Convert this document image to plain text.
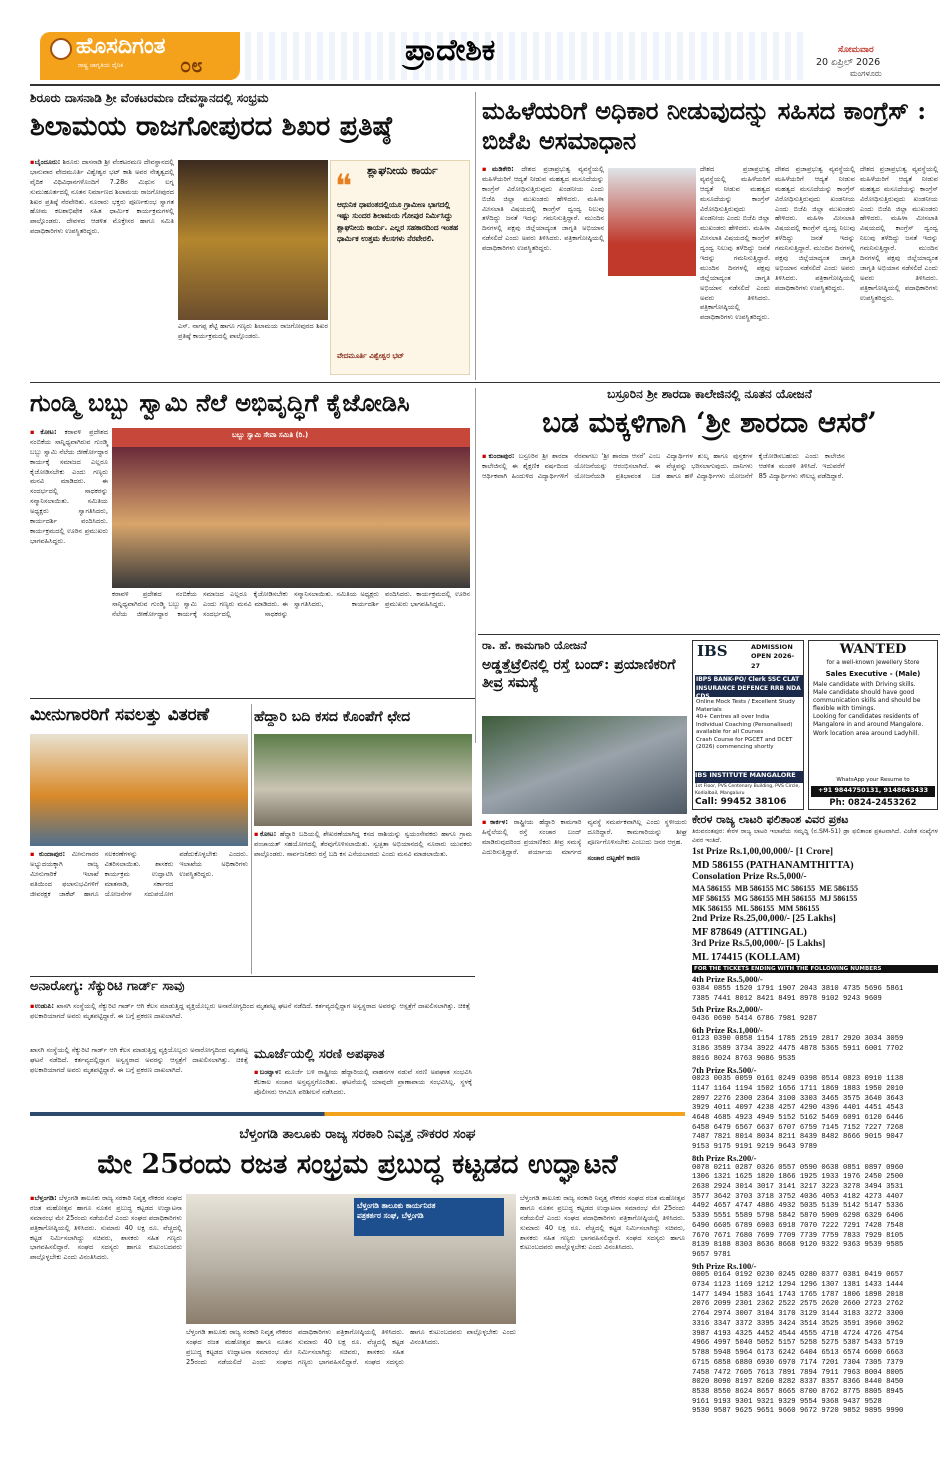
ಹೊಸದಿಗಂತ
ರಾಷ್ಟ್ರ ಜಾಗೃತಿಯ ದೈನಿಕ	೦೮	ಪ್ರಾದೇಶಿಕ	ಸೋಮವಾರ
20 ಏಪ್ರಿಲ್ 2026
ಮಂಗಳೂರು
ಶಿರೂರು ದಾಸನಾಡಿ ಶ್ರೀ ವೆಂಕಟರಮಣ ದೇವಸ್ಥಾನದಲ್ಲಿ ಸಂಭ್ರಮ
ಶಿಲಾಮಯ ರಾಜಗೋಪುರದ ಶಿಖರ ಪ್ರತಿಷ್ಠೆ
▪ಬೈಂದೂರು: ಶಿರೂರು ದಾಸನಾಡಿ ಶ್ರೀ ವೆಂಕಟರಮಣ ದೇವಸ್ಥಾನದಲ್ಲಿ ಭಾನುವಾರ ವೇದಮೂರ್ತಿ ವಿಶ್ವೇಶ್ವರ ಭಟ್ ಕಾಶಿ ಅವರ ನೇತೃತ್ವದಲ್ಲಿ ವೈದಿಕ ವಿಧಿವಿಧಾನಗಳೊಂದಿಗೆ 7.28ರ ಮಿಥುನ ಲಗ್ನ ಸುಮುಹೂರ್ತದಲ್ಲಿ ನೂತನ ನಿರ್ಮಾಣದ ಶಿಲಾಮಯ ರಾಜಗೋಪುರದ ಶಿಖರ ಪ್ರತಿಷ್ಠೆ ನೆರವೇರಿತು. ನೂರಾರು ಭಕ್ತರು ಪೂರ್ಣಕುಂಭ ಸ್ವಾಗತ ಹೋಮ ಕಲಶಾಭಿಷೇಕ ಸಹಿತ ಧಾರ್ಮಿಕ ಕಾರ್ಯಕ್ರಮಗಳಲ್ಲಿ ಪಾಲ್ಗೊಂಡರು. ದೇವಳದ ಆಡಳಿತ ಮೊಕ್ತೇಸರ ಹಾಗೂ ಸಮಿತಿ ಪದಾಧಿಕಾರಿಗಳು ಉಪಸ್ಥಿತರಿದ್ದರು.
ಎಸ್. ನಾಗಪ್ಪ ಶೆಟ್ಟಿ ಹಾಗೂ ಗಣ್ಯರು ಶಿಲಾಮಯ ರಾಜಗೋಪುರದ ಶಿಖರ ಪ್ರತಿಷ್ಠೆ ಕಾರ್ಯಕ್ರಮದಲ್ಲಿ ಪಾಲ್ಗೊಂಡರು.
❝	ಶ್ಲಾಘನೀಯ ಕಾರ್ಯ
ಆಧುನಿಕ ಧಾವಂತದಲ್ಲಿಯೂ ಗ್ರಾಮೀಣ ಭಾಗದಲ್ಲಿ ಇಷ್ಟು ಸುಂದರ ಶಿಲಾಮಯ ಗೋಪುರ ನಿರ್ಮಿಸಿದ್ದು ಶ್ಲಾಘನೀಯ ಕಾರ್ಯ. ಎಲ್ಲರ ಸಹಕಾರದಿಂದ ಇಂತಹ ಧಾರ್ಮಿಕ ಉತ್ತಮ ಕೆಲಸಗಳು ನೆರವೇರಲಿ.
ವೇದಮೂರ್ತಿ ವಿಶ್ವೇಶ್ವರ ಭಟ್
ಮಹಿಳೆಯರಿಗೆ ಅಧಿಕಾರ ನೀಡುವುದನ್ನು ಸಹಿಸದ ಕಾಂಗ್ರೆಸ್ : ಬಿಜೆಪಿ ಅಸಮಾಧಾನ
▪ಮಡಿಕೇರಿ: ದೇಶದ ಪ್ರಜಾಪ್ರಭುತ್ವ ವ್ಯವಸ್ಥೆಯಲ್ಲಿ ಮಹಿಳೆಯರಿಗೆ ಆದ್ಯತೆ ನೀಡುವ ಮಹತ್ವದ ಮಸೂದೆಯನ್ನು ಕಾಂಗ್ರೆಸ್ ವಿರೋಧಿಸುತ್ತಿರುವುದು ಖಂಡನೀಯ ಎಂದು ಬಿಜೆಪಿ ಜಿಲ್ಲಾ ಮುಖಂಡರು ಹೇಳಿದರು. ಮಹಿಳಾ ಮೀಸಲಾತಿ ವಿಷಯದಲ್ಲಿ ಕಾಂಗ್ರೆಸ್ ದ್ವಂದ್ವ ನಿಲುವು ತಳೆದಿದ್ದು ಜನತೆ ಇದನ್ನು ಗಮನಿಸುತ್ತಿದ್ದಾರೆ. ಮುಂದಿನ ದಿನಗಳಲ್ಲಿ ಪಕ್ಷವು ಜಿಲ್ಲೆಯಾದ್ಯಂತ ಜಾಗೃತಿ ಅಭಿಯಾನ ನಡೆಸಲಿದೆ ಎಂದು ಅವರು ತಿಳಿಸಿದರು. ಪತ್ರಿಕಾಗೋಷ್ಠಿಯಲ್ಲಿ ಪದಾಧಿಕಾರಿಗಳು ಉಪಸ್ಥಿತರಿದ್ದರು.
ದೇಶದ ಪ್ರಜಾಪ್ರಭುತ್ವ ವ್ಯವಸ್ಥೆಯಲ್ಲಿ ಮಹಿಳೆಯರಿಗೆ ಆದ್ಯತೆ ನೀಡುವ ಮಹತ್ವದ ಮಸೂದೆಯನ್ನು ಕಾಂಗ್ರೆಸ್ ವಿರೋಧಿಸುತ್ತಿರುವುದು ಖಂಡನೀಯ ಎಂದು ಬಿಜೆಪಿ ಜಿಲ್ಲಾ ಮುಖಂಡರು ಹೇಳಿದರು. ಮಹಿಳಾ ಮೀಸಲಾತಿ ವಿಷಯದಲ್ಲಿ ಕಾಂಗ್ರೆಸ್ ದ್ವಂದ್ವ ನಿಲುವು ತಳೆದಿದ್ದು ಜನತೆ ಇದನ್ನು ಗಮನಿಸುತ್ತಿದ್ದಾರೆ. ಮುಂದಿನ ದಿನಗಳಲ್ಲಿ ಪಕ್ಷವು ಜಿಲ್ಲೆಯಾದ್ಯಂತ ಜಾಗೃತಿ ಅಭಿಯಾನ ನಡೆಸಲಿದೆ ಎಂದು ಅವರು ತಿಳಿಸಿದರು. ಪತ್ರಿಕಾಗೋಷ್ಠಿಯಲ್ಲಿ ಪದಾಧಿಕಾರಿಗಳು ಉಪಸ್ಥಿತರಿದ್ದರು.
ದೇಶದ ಪ್ರಜಾಪ್ರಭುತ್ವ ವ್ಯವಸ್ಥೆಯಲ್ಲಿ ಮಹಿಳೆಯರಿಗೆ ಆದ್ಯತೆ ನೀಡುವ ಮಹತ್ವದ ಮಸೂದೆಯನ್ನು ಕಾಂಗ್ರೆಸ್ ವಿರೋಧಿಸುತ್ತಿರುವುದು ಖಂಡನೀಯ ಎಂದು ಬಿಜೆಪಿ ಜಿಲ್ಲಾ ಮುಖಂಡರು ಹೇಳಿದರು. ಮಹಿಳಾ ಮೀಸಲಾತಿ ವಿಷಯದಲ್ಲಿ ಕಾಂಗ್ರೆಸ್ ದ್ವಂದ್ವ ನಿಲುವು ತಳೆದಿದ್ದು ಜನತೆ ಇದನ್ನು ಗಮನಿಸುತ್ತಿದ್ದಾರೆ. ಮುಂದಿನ ದಿನಗಳಲ್ಲಿ ಪಕ್ಷವು ಜಿಲ್ಲೆಯಾದ್ಯಂತ ಜಾಗೃತಿ ಅಭಿಯಾನ ನಡೆಸಲಿದೆ ಎಂದು ಅವರು ತಿಳಿಸಿದರು. ಪತ್ರಿಕಾಗೋಷ್ಠಿಯಲ್ಲಿ ಪದಾಧಿಕಾರಿಗಳು ಉಪಸ್ಥಿತರಿದ್ದರು.
ದೇಶದ ಪ್ರಜಾಪ್ರಭುತ್ವ ವ್ಯವಸ್ಥೆಯಲ್ಲಿ ಮಹಿಳೆಯರಿಗೆ ಆದ್ಯತೆ ನೀಡುವ ಮಹತ್ವದ ಮಸೂದೆಯನ್ನು ಕಾಂಗ್ರೆಸ್ ವಿರೋಧಿಸುತ್ತಿರುವುದು ಖಂಡನೀಯ ಎಂದು ಬಿಜೆಪಿ ಜಿಲ್ಲಾ ಮುಖಂಡರು ಹೇಳಿದರು. ಮಹಿಳಾ ಮೀಸಲಾತಿ ವಿಷಯದಲ್ಲಿ ಕಾಂಗ್ರೆಸ್ ದ್ವಂದ್ವ ನಿಲುವು ತಳೆದಿದ್ದು ಜನತೆ ಇದನ್ನು ಗಮನಿಸುತ್ತಿದ್ದಾರೆ. ಮುಂದಿನ ದಿನಗಳಲ್ಲಿ ಪಕ್ಷವು ಜಿಲ್ಲೆಯಾದ್ಯಂತ ಜಾಗೃತಿ ಅಭಿಯಾನ ನಡೆಸಲಿದೆ ಎಂದು ಅವರು ತಿಳಿಸಿದರು. ಪತ್ರಿಕಾಗೋಷ್ಠಿಯಲ್ಲಿ ಪದಾಧಿಕಾರಿಗಳು ಉಪಸ್ಥಿತರಿದ್ದರು.
ಗುಂಡ್ಮಿ ಬಬ್ಬು ಸ್ವಾಮಿ ನೆಲೆ ಅಭಿವೃದ್ಧಿಗೆ ಕೈಜೋಡಿಸಿ
▪ಕೋಟ: ಕರಾವಳಿ ಪ್ರದೇಶದ ನಂಬಿಕೆಯ ಸಾನ್ನಿಧ್ಯವಾಗಿರುವ ಗುಂಡ್ಮಿ ಬಬ್ಬು ಸ್ವಾಮಿ ನೆಲೆಯ ಜೀರ್ಣೋದ್ಧಾರ ಕಾರ್ಯಕ್ಕೆ ಸಮಾಜದ ಎಲ್ಲರೂ ಕೈಜೋಡಿಸಬೇಕು ಎಂದು ಗಣ್ಯರು ಮನವಿ ಮಾಡಿದರು. ಈ ಸಂದರ್ಭದಲ್ಲಿ ಸಾಧಕರನ್ನು ಸನ್ಮಾನಿಸಲಾಯಿತು. ಸಮಿತಿಯ ಅಧ್ಯಕ್ಷರು ಸ್ವಾಗತಿಸಿದರು, ಕಾರ್ಯದರ್ಶಿ ವಂದಿಸಿದರು. ಕಾರ್ಯಕ್ರಮದಲ್ಲಿ ಊರಿನ ಪ್ರಮುಖರು ಭಾಗವಹಿಸಿದ್ದರು.
ಬಬ್ಬು ಸ್ವಾಮಿ ಸೇವಾ ಸಮಿತಿ (ರಿ.)
ಕರಾವಳಿ ಪ್ರದೇಶದ ನಂಬಿಕೆಯ ಸಾನ್ನಿಧ್ಯವಾಗಿರುವ ಗುಂಡ್ಮಿ ಬಬ್ಬು ಸ್ವಾಮಿ ನೆಲೆಯ ಜೀರ್ಣೋದ್ಧಾರ ಕಾರ್ಯಕ್ಕೆ ಸಮಾಜದ ಎಲ್ಲರೂ ಕೈಜೋಡಿಸಬೇಕು ಎಂದು ಗಣ್ಯರು ಮನವಿ ಮಾಡಿದರು. ಈ ಸಂದರ್ಭದಲ್ಲಿ ಸಾಧಕರನ್ನು ಸನ್ಮಾನಿಸಲಾಯಿತು. ಸಮಿತಿಯ ಅಧ್ಯಕ್ಷರು ಸ್ವಾಗತಿಸಿದರು, ಕಾರ್ಯದರ್ಶಿ ವಂದಿಸಿದರು. ಕಾರ್ಯಕ್ರಮದಲ್ಲಿ ಊರಿನ ಪ್ರಮುಖರು ಭಾಗವಹಿಸಿದ್ದರು.
ಬಸ್ರೂರಿನ ಶ್ರೀ ಶಾರದಾ ಕಾಲೇಜಿನಲ್ಲಿ ನೂತನ ಯೋಜನೆ
ಬಡ ಮಕ್ಕಳಿಗಾಗಿ ‘ಶ್ರೀ ಶಾರದಾ ಆಸರೆ’
▪ಕುಂದಾಪುರ: ಬಸ್ರೂರಿನ ಶ್ರೀ ಶಾರದಾ ಕಾಲೇಜಿನಲ್ಲಿ ಈ ಶೈಕ್ಷಣಿಕ ವರ್ಷದಿಂದ ಆರ್ಥಿಕವಾಗಿ ಹಿಂದುಳಿದ ವಿದ್ಯಾರ್ಥಿಗಳಿಗೆ ನೆರವಾಗಲು ‘ಶ್ರೀ ಶಾರದಾ ಆಸರೆ’ ಎಂಬ ಯೋಜನೆಯನ್ನು ಆರಂಭಿಸಲಾಗಿದೆ. ಈ ಯೋಜನೆಯಡಿ ಪ್ರತಿಭಾವಂತ ಬಡ ವಿದ್ಯಾರ್ಥಿಗಳ ಶುಲ್ಕ ಹಾಗೂ ಪುಸ್ತಕಗಳ ವೆಚ್ಚವನ್ನು ಭರಿಸಲಾಗುವುದು. ದಾನಿಗಳು ಹಾಗೂ ಹಳೆ ವಿದ್ಯಾರ್ಥಿಗಳು ಯೋಜನೆಗೆ ಕೈಜೋಡಿಸಬಹುದು ಎಂದು ಕಾಲೇಜಿನ ಆಡಳಿತ ಮಂಡಳಿ ತಿಳಿಸಿದೆ. ಇದುವರೆಗೆ 85 ವಿದ್ಯಾರ್ಥಿಗಳು ಸೌಲಭ್ಯ ಪಡೆದಿದ್ದಾರೆ.
ರಾ. ಹೆ. ಕಾಮಗಾರಿ ಯೋಜನೆ
ಅಡ್ಡತ್ತೆಟ್ರೆಲಿನಲ್ಲಿ ರಸ್ತೆ ಬಂದ್: ಪ್ರಯಾಣಿಕರಿಗೆ ತೀವ್ರ ಸಮಸ್ಯೆ
▪ಕಾರ್ಕಳ: ರಾಷ್ಟ್ರೀಯ ಹೆದ್ದಾರಿ ಕಾಮಗಾರಿ ಹಿನ್ನೆಲೆಯಲ್ಲಿ ರಸ್ತೆ ಸಂಚಾರ ಬಂದ್ ಮಾಡಿರುವುದರಿಂದ ಪ್ರಯಾಣಿಕರು ತೀವ್ರ ಸಮಸ್ಯೆ ಎದುರಿಸುತ್ತಿದ್ದಾರೆ. ಪರ್ಯಾಯ ಮಾರ್ಗದ ವ್ಯವಸ್ಥೆ ಸಮರ್ಪಕವಾಗಿಲ್ಲ ಎಂದು ಸ್ಥಳೀಯರು ದೂರಿದ್ದಾರೆ. ಕಾಮಗಾರಿಯನ್ನು ಶೀಘ್ರ ಪೂರ್ಣಗೊಳಿಸಬೇಕು ಎಂಬುದು ಜನರ ಆಗ್ರಹ.
ಸಂಚಾರ ದಟ್ಟಣೆಗೆ ಕಾರಣ
IBS	ADMISSION OPEN 2026-27
IBPS BANK-PO/ Clerk SSC CLAT INSURANCE DEFENCE RRB NDA CDS
Online Mock Tests / Excellent Study Materials
40+ Centres all over India
Individual Coaching (Personalised) available for all Courses
Crash Course for PGCET and DCET (2026) commencing shortly
IBS INSTITUTE MANGALORE
1st Floor, PVS Centenary Building, PVS Circle, Kodialbail, Mangaluru
Call: 99452 38106
WANTED
for a well-known Jewellery Store
Sales Executive - (Male)
Male candidate with Driving skills.
Male candidate should have good communication skills and should be flexible with timings.
Looking for candidates residents of Mangalore in and around Mangalore.
Work location area around Ladyhill.
WhatsApp your Resume to
+91 9844750131, 9148643433
Ph: 0824-2453262
ಕೇರಳ ರಾಜ್ಯ ಲಾಟರಿ ಫಲಿತಾಂಶ ವಿವರ ಪ್ರಕಟ
ತಿರುವನಂತಪುರ: ಕೇರಳ ರಾಜ್ಯ ಲಾಟರಿ ಇಲಾಖೆಯ ಸಮೃದ್ಧಿ (ನ.SM-51) ಡ್ರಾ ಫಲಿತಾಂಶ ಪ್ರಕಟವಾಗಿದೆ. ವಿಜೇತ ಸಂಖ್ಯೆಗಳ ವಿವರ ಇಂತಿದೆ.
1st Prize Rs.1,00,00,000/- [1 Crore]
MD 586155 (PATHANAMTHITTA)
Consolation Prize Rs.5,000/-
MA 586155  MB 586155 MC 586155  ME 586155
MF 586155  MG 586155 MH 586155  MJ 586155
MK 586155  ML 586155  MM 586155
2nd Prize Rs.25,00,000/- [25 Lakhs]
MF 878649 (ATTINGAL)
3rd Prize Rs.5,00,000/- [5 Lakhs]
ML 174415 (KOLLAM)
FOR THE TICKETS ENDING WITH THE FOLLOWING NUMBERS
4th Prize Rs.5,000/-
0384 0855 1520 1791 1907 2043 3810 4735 5696 5861
7385 7441 8012 8421 8491 8978 9102 9243 9609
5th Prize Rs.2,000/-
0436 0690 5414 6786 7981 9287
6th Prize Rs.1,000/-
0123 0390 0858 1154 1785 2519 2817 2920 3034 3059
3186 3589 3734 3922 4475 4878 5365 5911 6001 7702
8016 8024 8763 9086 9535
7th Prize Rs.500/-
0023 0035 0059 0161 0249 0398 0514 0823 0910 1138
1147 1164 1194 1502 1656 1711 1869 1883 1950 2010
2097 2276 2300 2364 3100 3303 3465 3575 3640 3643
3929 4011 4097 4238 4257 4290 4396 4401 4451 4543
4648 4685 4923 4949 5152 5162 5469 6091 6120 6446
6458 6479 6567 6637 6707 6759 7145 7152 7227 7268
7487 7821 8014 8034 8211 8439 8482 8666 9015 9047
9153 9175 9191 9219 9643 9789
8th Prize Rs.200/-
0078 0211 0287 0326 0557 0590 0638 0851 0897 0960
1306 1321 1625 1820 1866 1925 1933 1976 2450 2500
2638 2924 3014 3017 3141 3217 3223 3278 3494 3531
3577 3642 3703 3718 3752 4036 4053 4182 4273 4407
4492 4657 4747 4886 4932 5035 5139 5142 5147 5336
5339 5551 5589 5798 5842 5870 5909 6298 6329 6406
6490 6605 6789 6903 6918 7070 7222 7291 7428 7548
7670 7671 7680 7699 7709 7739 7759 7833 7929 8105
8139 8188 8303 8636 8668 9120 9322 9363 9539 9585
9657 9781
9th Prize Rs.100/-
0005 0164 0192 0230 0245 0280 0377 0381 0419 0657
0734 1123 1169 1212 1294 1296 1307 1381 1433 1444
1477 1494 1583 1641 1743 1765 1787 1806 1898 2018
2076 2099 2301 2362 2522 2575 2620 2660 2723 2762
2764 2974 3007 3104 3170 3129 3144 3183 3272 3300
3316 3347 3372 3395 3424 3514 3525 3591 3960 3962
3987 4193 4325 4452 4544 4555 4718 4724 4726 4754
4966 4997 5040 5052 5157 5258 5275 5387 5433 5719
5788 5948 5964 6173 6242 6404 6513 6574 6600 6663
6715 6858 6880 6930 6970 7174 7201 7304 7305 7379
7458 7472 7605 7613 7891 7894 7911 7963 8004 8005
8020 8090 8197 8260 8282 8337 8357 8366 8440 8450
8538 8550 8624 8657 8665 8700 8762 8775 8805 8945
9161 9193 9301 9321 9329 9554 9368 9437 9528
9530 9587 9625 9651 9660 9672 9720 9852 9895 9990
ಮೀನುಗಾರರಿಗೆ ಸವಲತ್ತು ವಿತರಣೆ
▪ಕುಂದಾಪುರ: ಮೀನುಗಾರರ ಅಭ್ಯುದಯಕ್ಕಾಗಿ ರಾಜ್ಯ ಮೀನುಗಾರಿಕೆ ಇಲಾಖೆ ವತಿಯಿಂದ ಫಲಾನುಭವಿಗಳಿಗೆ ಜೀವರಕ್ಷಕ ಜಾಕೆಟ್ ಹಾಗೂ ಸಲಕರಣೆಗಳನ್ನು ವಿತರಿಸಲಾಯಿತು. ಶಾಸಕರು ಕಾರ್ಯಕ್ರಮ ಉದ್ಘಾಟಿಸಿ ಮಾತನಾಡಿ, ಸರ್ಕಾರದ ಯೋಜನೆಗಳ ಸದುಪಯೋಗ ಪಡೆದುಕೊಳ್ಳಬೇಕು ಎಂದರು. ಇಲಾಖೆಯ ಅಧಿಕಾರಿಗಳು ಉಪಸ್ಥಿತರಿದ್ದರು.
ಹೆದ್ದಾರಿ ಬದಿ ಕಸದ ಕೊಂಪೆಗೆ ಛೇದ
▪ಕೋಟ: ಹೆದ್ದಾರಿ ಬದಿಯಲ್ಲಿ ಶೇಖರಣೆಯಾಗಿದ್ದ ಕಸದ ರಾಶಿಯನ್ನು ಸ್ವಯಂಸೇವಕರು ಹಾಗೂ ಗ್ರಾಮ ಪಂಚಾಯತ್ ಸಹಯೋಗದಲ್ಲಿ ತೆರವುಗೊಳಿಸಲಾಯಿತು. ಸ್ವಚ್ಛತಾ ಅಭಿಯಾನದಲ್ಲಿ ನೂರಾರು ಯುವಕರು ಪಾಲ್ಗೊಂಡರು. ಸಾರ್ವಜನಿಕರು ರಸ್ತೆ ಬದಿ ಕಸ ಎಸೆಯಬಾರದು ಎಂದು ಮನವಿ ಮಾಡಲಾಯಿತು.
ಅನಾರೋಗ್ಯ: ಸೆಕ್ಯುರಿಟಿ ಗಾರ್ಡ್ ಸಾವು
▪ಉಡುಪಿ: ಖಾಸಗಿ ಸಂಸ್ಥೆಯಲ್ಲಿ ಸೆಕ್ಯುರಿಟಿ ಗಾರ್ಡ್ ಆಗಿ ಕೆಲಸ ಮಾಡುತ್ತಿದ್ದ ವ್ಯಕ್ತಿಯೊಬ್ಬರು ಅನಾರೋಗ್ಯದಿಂದ ಮೃತಪಟ್ಟ ಘಟನೆ ನಡೆದಿದೆ. ಕರ್ತವ್ಯದಲ್ಲಿದ್ದಾಗ ಅಸ್ವಸ್ಥರಾದ ಅವರನ್ನು ಆಸ್ಪತ್ರೆಗೆ ದಾಖಲಿಸಲಾಗಿತ್ತು. ಚಿಕಿತ್ಸೆ ಫಲಕಾರಿಯಾಗದೆ ಅವರು ಮೃತಪಟ್ಟಿದ್ದಾರೆ. ಈ ಬಗ್ಗೆ ಪ್ರಕರಣ ದಾಖಲಾಗಿದೆ.
ಮೂರ್ಜೆಯಲ್ಲಿ ಸರಣಿ ಅಪಘಾತ
▪ಬಂಟ್ವಾಳ: ಮೂರ್ಜೆ ಬಳಿ ರಾಷ್ಟ್ರೀಯ ಹೆದ್ದಾರಿಯಲ್ಲಿ ವಾಹನಗಳ ನಡುವೆ ಸರಣಿ ಅಪಘಾತ ಸಂಭವಿಸಿ ಕೆಲಕಾಲ ಸಂಚಾರ ಅಸ್ತವ್ಯಸ್ತಗೊಂಡಿತು. ಘಟನೆಯಲ್ಲಿ ಯಾವುದೇ ಪ್ರಾಣಾಪಾಯ ಸಂಭವಿಸಿಲ್ಲ. ಸ್ಥಳಕ್ಕೆ ಪೊಲೀಸರು ಆಗಮಿಸಿ ಪರಿಶೀಲನೆ ನಡೆಸಿದರು.
ಖಾಸಗಿ ಸಂಸ್ಥೆಯಲ್ಲಿ ಸೆಕ್ಯುರಿಟಿ ಗಾರ್ಡ್ ಆಗಿ ಕೆಲಸ ಮಾಡುತ್ತಿದ್ದ ವ್ಯಕ್ತಿಯೊಬ್ಬರು ಅನಾರೋಗ್ಯದಿಂದ ಮೃತಪಟ್ಟ ಘಟನೆ ನಡೆದಿದೆ. ಕರ್ತವ್ಯದಲ್ಲಿದ್ದಾಗ ಅಸ್ವಸ್ಥರಾದ ಅವರನ್ನು ಆಸ್ಪತ್ರೆಗೆ ದಾಖಲಿಸಲಾಗಿತ್ತು. ಚಿಕಿತ್ಸೆ ಫಲಕಾರಿಯಾಗದೆ ಅವರು ಮೃತಪಟ್ಟಿದ್ದಾರೆ. ಈ ಬಗ್ಗೆ ಪ್ರಕರಣ ದಾಖಲಾಗಿದೆ.
ಬೆಳ್ತಂಗಡಿ ತಾಲೂಕು ರಾಜ್ಯ ಸರಕಾರಿ ನಿವೃತ್ತ ನೌಕರರ ಸಂಘ
ಮೇ 25ರಂದು ರಜತ ಸಂಭ್ರಮ ಪ್ರಬುದ್ಧ ಕಟ್ಟಡದ ಉದ್ಘಾಟನೆ
▪ಬೆಳ್ತಂಗಡಿ: ಬೆಳ್ತಂಗಡಿ ತಾಲೂಕು ರಾಜ್ಯ ಸರಕಾರಿ ನಿವೃತ್ತ ನೌಕರರ ಸಂಘದ ರಜತ ಮಹೋತ್ಸವ ಹಾಗೂ ನೂತನ ಪ್ರಬುದ್ಧ ಕಟ್ಟಡದ ಉದ್ಘಾಟನಾ ಸಮಾರಂಭ ಮೇ 25ರಂದು ನಡೆಯಲಿದೆ ಎಂದು ಸಂಘದ ಪದಾಧಿಕಾರಿಗಳು ಪತ್ರಿಕಾಗೋಷ್ಠಿಯಲ್ಲಿ ತಿಳಿಸಿದರು. ಸುಮಾರು 40 ಲಕ್ಷ ರೂ. ವೆಚ್ಚದಲ್ಲಿ ಕಟ್ಟಡ ನಿರ್ಮಿಸಲಾಗಿದ್ದು ಸಚಿವರು, ಶಾಸಕರು ಸಹಿತ ಗಣ್ಯರು ಭಾಗವಹಿಸಲಿದ್ದಾರೆ. ಸಂಘದ ಸದಸ್ಯರು ಹಾಗೂ ಕುಟುಂಬದವರು ಪಾಲ್ಗೊಳ್ಳಬೇಕು ಎಂದು ವಿನಂತಿಸಿದರು.
ಬೆಳ್ತಂಗಡಿ ತಾಲೂಕು ಕಾರ್ಯನಿರತ
ಪತ್ರಕರ್ತರ ಸಂಘ, ಬೆಳ್ತಂಗಡಿ
ಬೆಳ್ತಂಗಡಿ ತಾಲೂಕು ರಾಜ್ಯ ಸರಕಾರಿ ನಿವೃತ್ತ ನೌಕರರ ಸಂಘದ ರಜತ ಮಹೋತ್ಸವ ಹಾಗೂ ನೂತನ ಪ್ರಬುದ್ಧ ಕಟ್ಟಡದ ಉದ್ಘಾಟನಾ ಸಮಾರಂಭ ಮೇ 25ರಂದು ನಡೆಯಲಿದೆ ಎಂದು ಸಂಘದ ಪದಾಧಿಕಾರಿಗಳು ಪತ್ರಿಕಾಗೋಷ್ಠಿಯಲ್ಲಿ ತಿಳಿಸಿದರು. ಸುಮಾರು 40 ಲಕ್ಷ ರೂ. ವೆಚ್ಚದಲ್ಲಿ ಕಟ್ಟಡ ನಿರ್ಮಿಸಲಾಗಿದ್ದು ಸಚಿವರು, ಶಾಸಕರು ಸಹಿತ ಗಣ್ಯರು ಭಾಗವಹಿಸಲಿದ್ದಾರೆ. ಸಂಘದ ಸದಸ್ಯರು ಹಾಗೂ ಕುಟುಂಬದವರು ಪಾಲ್ಗೊಳ್ಳಬೇಕು ಎಂದು ವಿನಂತಿಸಿದರು.
ಬೆಳ್ತಂಗಡಿ ತಾಲೂಕು ರಾಜ್ಯ ಸರಕಾರಿ ನಿವೃತ್ತ ನೌಕರರ ಸಂಘದ ರಜತ ಮಹೋತ್ಸವ ಹಾಗೂ ನೂತನ ಪ್ರಬುದ್ಧ ಕಟ್ಟಡದ ಉದ್ಘಾಟನಾ ಸಮಾರಂಭ ಮೇ 25ರಂದು ನಡೆಯಲಿದೆ ಎಂದು ಸಂಘದ ಪದಾಧಿಕಾರಿಗಳು ಪತ್ರಿಕಾಗೋಷ್ಠಿಯಲ್ಲಿ ತಿಳಿಸಿದರು. ಸುಮಾರು 40 ಲಕ್ಷ ರೂ. ವೆಚ್ಚದಲ್ಲಿ ಕಟ್ಟಡ ನಿರ್ಮಿಸಲಾಗಿದ್ದು ಸಚಿವರು, ಶಾಸಕರು ಸಹಿತ ಗಣ್ಯರು ಭಾಗವಹಿಸಲಿದ್ದಾರೆ. ಸಂಘದ ಸದಸ್ಯರು ಹಾಗೂ ಕುಟುಂಬದವರು ಪಾಲ್ಗೊಳ್ಳಬೇಕು ಎಂದು ವಿನಂತಿಸಿದರು.
